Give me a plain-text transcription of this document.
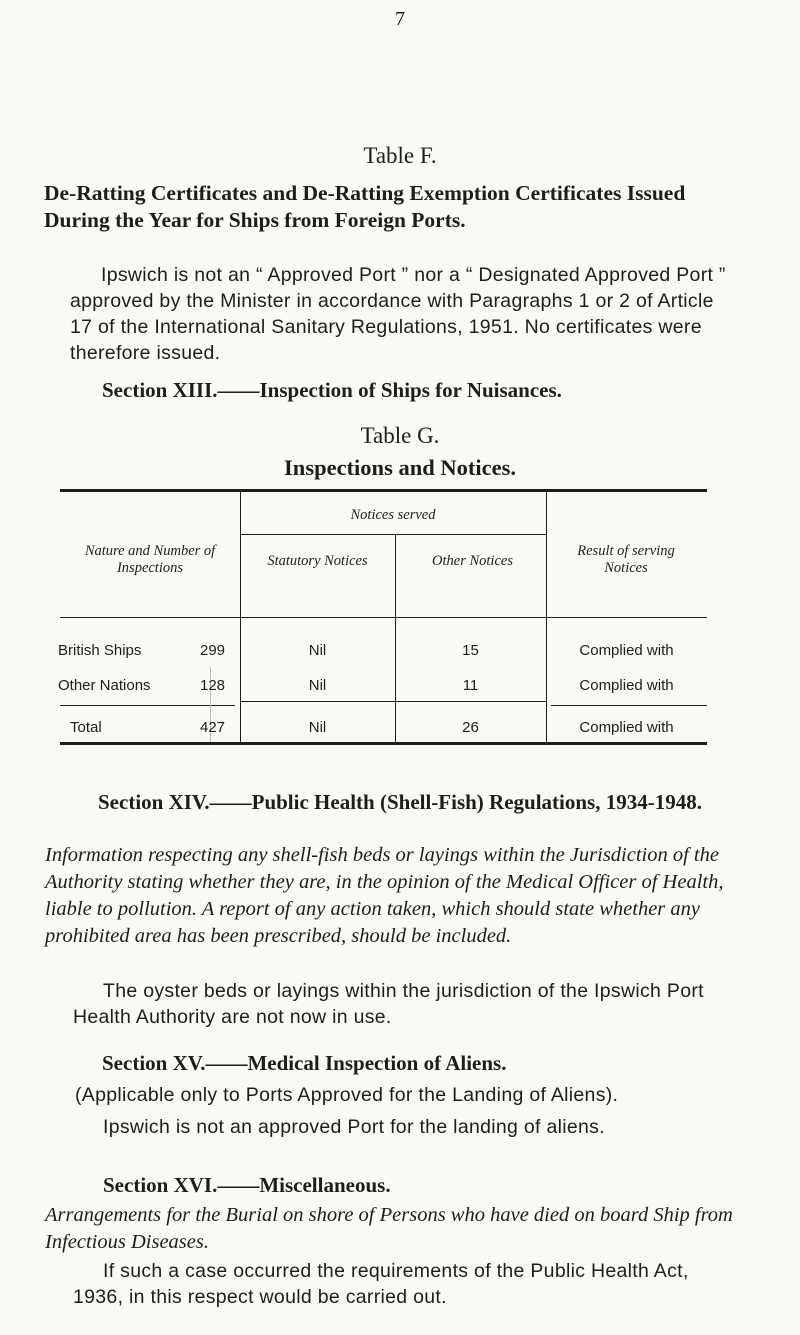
7
Table F.
De-Ratting Certificates and De-Ratting Exemption Certificates Issued During the Year for Ships from Foreign Ports.
Ipswich is not an “ Approved Port ” nor a “ Designated Approved Port ” approved by the Minister in accordance with Paragraphs 1 or 2 of Article 17 of the International Sanitary Regulations, 1951. No certificates were therefore issued.
Section XIII.——Inspection of Ships for Nuisances.
Table G.
Inspections and Notices.
Nature and Number of Inspections
Notices served
Statutory Notices	Other Notices
Result of serving Notices
British Ships	299	Nil	15	Complied with
Other Nations	128	Nil	11	Complied with
Total	427	Nil	26	Complied with
Section XIV.——Public Health (Shell-Fish) Regulations, 1934-1948.
Information respecting any shell-fish beds or layings within the Jurisdiction of the Authority stating whether they are, in the opinion of the Medical Officer of Health, liable to pollution. A report of any action taken, which should state whether any prohibited area has been prescribed, should be included.
The oyster beds or layings within the jurisdiction of the Ipswich Port Health Authority are not now in use.
Section XV.——Medical Inspection of Aliens.
(Applicable only to Ports Approved for the Landing of Aliens).
Ipswich is not an approved Port for the landing of aliens.
Section XVI.——Miscellaneous.
Arrangements for the Burial on shore of Persons who have died on board Ship from Infectious Diseases.
If such a case occurred the requirements of the Public Health Act, 1936, in this respect would be carried out.
